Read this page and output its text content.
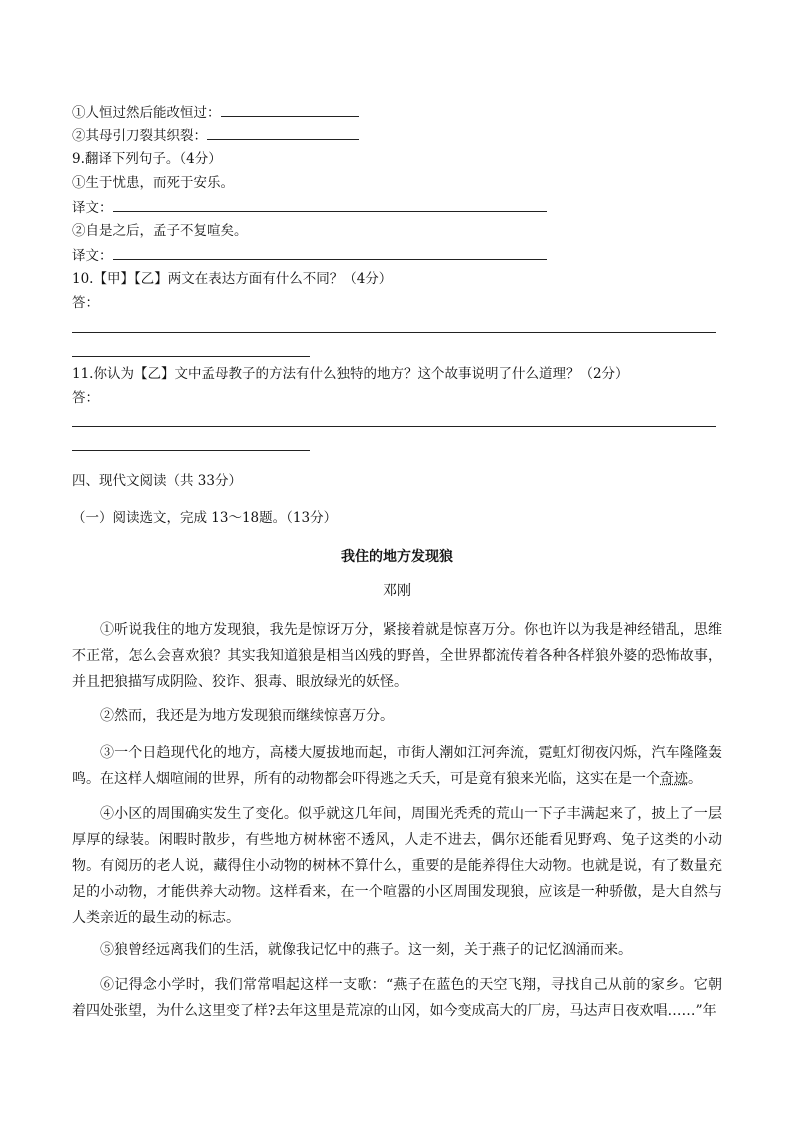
①人恒过然后能改恒过：
②其母引刀裂其织裂：
9.翻译下列句子。（4分）
①生于忧患，而死于安乐。
译文：
②自是之后，孟子不复喧矣。
译文：
10.【甲】【乙】两文在表达方面有什么不同？（4分）
答：
11.你认为【乙】文中孟母教子的方法有什么独特的地方？这个故事说明了什么道理？（2分）
答：
四、现代文阅读（共 33分）
（一）阅读选文，完成 13～18题。（13分）
我住的地方发现狼
邓刚
①听说我住的地方发现狼，我先是惊讶万分，紧接着就是惊喜万分。你也许以为我是神经错乱，思维不正常，怎么会喜欢狼？其实我知道狼是相当凶残的野兽，全世界都流传着各种各样狼外婆的恐怖故事，并且把狼描写成阴险、狡诈、狠毒、眼放绿光的妖怪。
②然而，我还是为地方发现狼而继续惊喜万分。
③一个日趋现代化的地方，高楼大厦拔地而起，市街人潮如江河奔流，霓虹灯彻夜闪烁，汽车隆隆轰鸣。在这样人烟喧闹的世界，所有的动物都会吓得逃之夭夭，可是竟有狼来光临，这实在是一个奇迹。
④小区的周围确实发生了变化。似乎就这几年间，周围光秃秃的荒山一下子丰满起来了，披上了一层厚厚的绿装。闲暇时散步，有些地方树林密不透风，人走不进去，偶尔还能看见野鸡、兔子这类的小动物。有阅历的老人说，藏得住小动物的树林不算什么，重要的是能养得住大动物。也就是说，有了数量充足的小动物，才能供养大动物。这样看来，在一个喧嚣的小区周围发现狼，应该是一种骄傲，是大自然与人类亲近的最生动的标志。
⑤狼曾经远离我们的生活，就像我记忆中的燕子。这一刻，关于燕子的记忆汹涌而来。
⑥记得念小学时，我们常常唱起这样一支歌：“燕子在蓝色的天空飞翔，寻找自己从前的家乡。它朝着四处张望，为什么这里变了样?去年这里是荒凉的山冈，如今变成高大的厂房，马达声日夜欢唱……”年
